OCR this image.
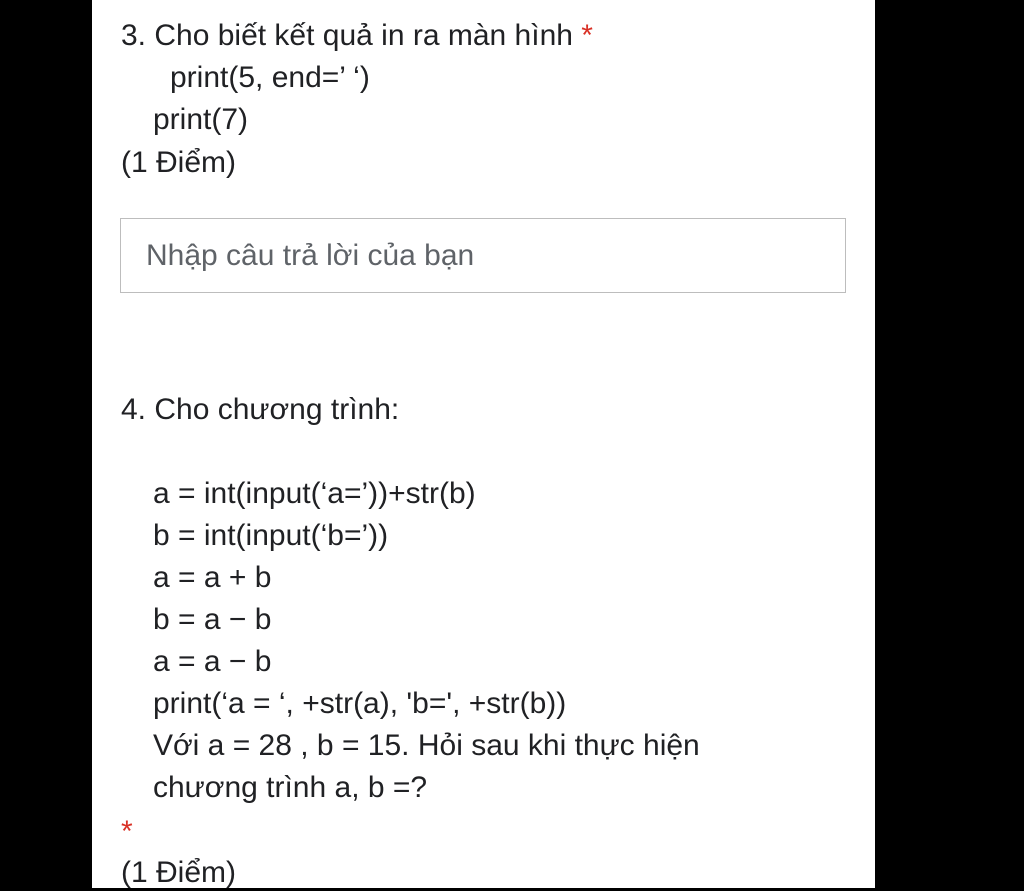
3. Cho biết kết quả in ra màn hình *
print(5, end=’ ‘)
print(7)
(1 Điểm)
Nhập câu trả lời của bạn
4. Cho chương trình:
a = int(input(‘a=’))+str(b)
b = int(input(‘b=’))
a = a + b
b = a − b
a = a − b
print(‘a = ‘, +str(a), 'b=', +str(b))
Với a = 28 , b = 15. Hỏi sau khi thực hiện
chương trình a, b =?
*
(1 Điểm)
